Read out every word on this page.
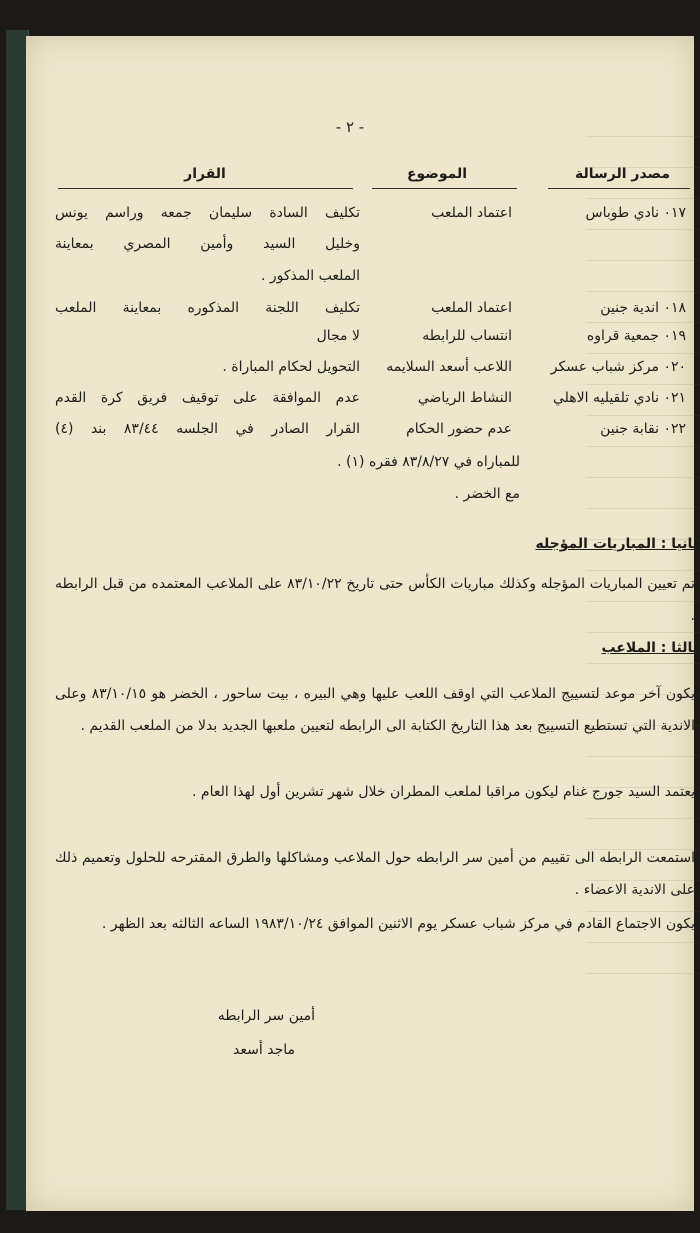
- ٢ -
مصدر الرسالة
الموضوع
القرار
٠١٧ نادي طوباس
اعتماد الملعب
تكليف السادة سليمان جمعه وراسم يونس
وخليل السيد وأمين المصري بمعاينة
الملعب المذكور .
٠١٨ اندية جنين
اعتماد الملعب
تكليف اللجنة المذكوره بمعاينة الملعب
٠١٩ جمعية قراوه
انتساب للرابطه
لا مجال
٠٢٠ مركز شباب عسكر
اللاعب أسعد السلايمه
التحويل لحكام المباراة .
٠٢١ نادي تلقيليه الاهلي
النشاط الرياضي
عدم الموافقة على توقيف فريق كرة القدم
٠٢٢ نقابة جنين
عدم حضور الحكام
القرار الصادر في الجلسه ٨٣/٤٤ بند (٤)
للمباراه في ٨٣/٨/٢٧ فقره (١) .
مع الخضر .
ثانيا : المباريات المؤجله
تم تعيين المباريات المؤجله وكذلك مباريات الكأس حتى تاريخ ٨٣/١٠/٢٢ على الملاعب المعتمده من قبل الرابطه .
ثالثا : الملاعب
يكون آخر موعد لتسييج الملاعب التي اوقف اللعب عليها وهي البيره ، بيت ساحور ، الخضر هو ٨٣/١٠/١٥ وعلى الاندية التي تستطيع التسييج بعد هذا التاريخ الكتابة الى الرابطه لتعيين ملعبها الجديد بدلا من الملعب القديم .
يعتمد السيد جورج غنام ليكون مراقبا لملعب المطران خلال شهر تشرين أول لهذا العام .
استمعت الرابطه الى تقييم من أمين سر الرابطه حول الملاعب ومشاكلها والطرق المقترحه للحلول وتعميم ذلك على الاندية الاعضاء .
يكون الاجتماع القادم في مركز شباب عسكر يوم الاثنين الموافق ١٩٨٣/١٠/٢٤ الساعه الثالثه بعد الظهر .
أمين سر الرابطه
ماجد أسعد
